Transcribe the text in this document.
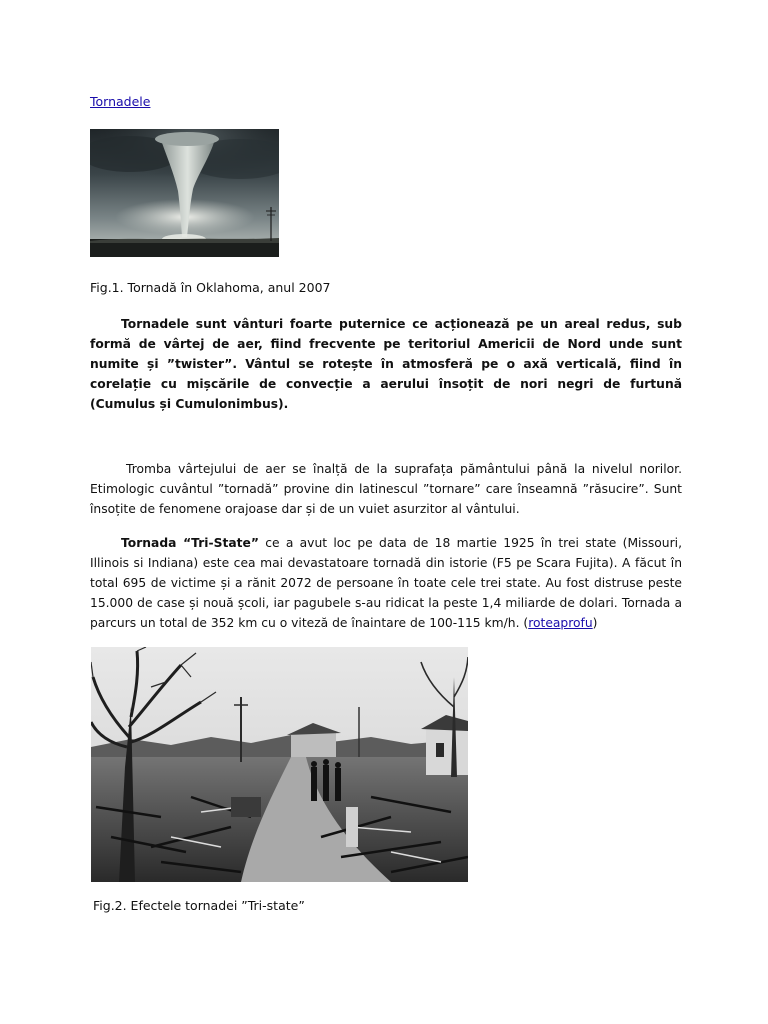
Tornadele
Fig.1. Tornadă în Oklahoma, anul 2007

Tornadele sunt vânturi foarte puternice ce acționează pe un areal redus, sub formă de vârtej de aer, fiind frecvente pe teritoriul Americii de Nord unde sunt numite și ”twister”. Vântul se rotește în atmosferă pe o axă verticală, fiind în corelație cu mișcările de convecție a aerului însoțit de nori negri de furtună (Cumulus și Cumulonimbus).

Tromba vârtejului de aer se înalță de la suprafața pământului până la nivelul norilor. Etimologic cuvântul ”tornadă” provine din latinescul ”tornare” care înseamnă ”răsucire”. Sunt însoțite de fenomene orajoase dar și de un vuiet asurzitor al vântului.

Tornada “Tri-State” ce a avut loc pe data de 18 martie 1925 în trei state (Missouri, Illinois si Indiana) este cea mai devastatoare tornadă din istorie (F5 pe Scara Fujita). A făcut în total 695 de victime și a rănit 2072 de persoane în toate cele trei state. Au fost distruse peste 15.000 de case și nouă școli, iar pagubele s-au ridicat la peste 1,4 miliarde de dolari. Tornada a parcurs un total de 352 km cu o viteză de înaintare de 100-115 km/h. (roteaprofu)

Fig.2. Efectele tornadei ”Tri-state”
